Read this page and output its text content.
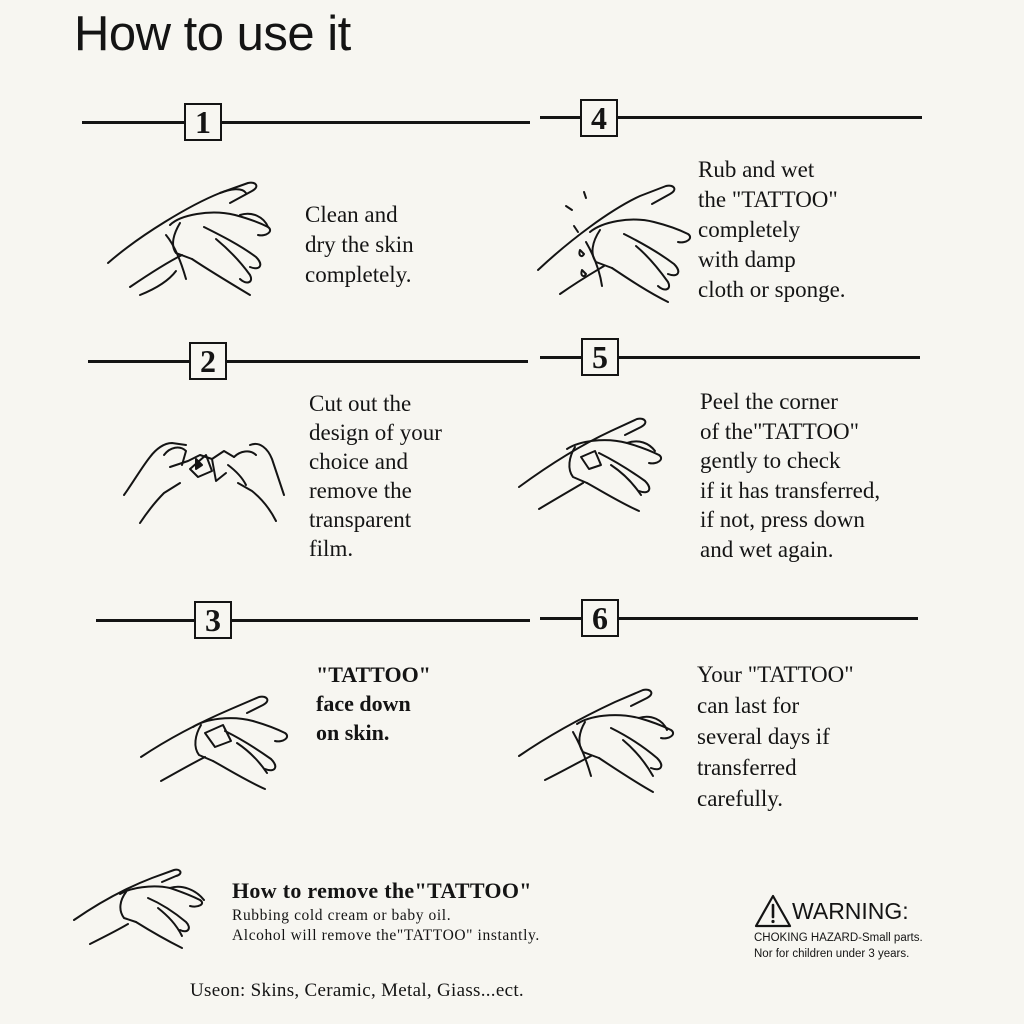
How to use it
1	4
2	5
3	6

Clean and
dry the skin
completely.

Cut out the
design of your
choice and
remove the
transparent
film.

"TATTOO"
face down
on skin.

Rub and wet
the "TATTOO"
completely
with damp
cloth or sponge.

Peel the corner
of the"TATTOO"
gently to check
if it has transferred,
if not, press down
and wet again.

Your "TATTOO"
can last for
several days if
transferred
carefully.

How to remove the"TATTOO"
Rubbing cold cream or baby oil.
Alcohol will remove the"TATTOO" instantly.
Useon: Skins, Ceramic, Metal, Giass...ect.
WARNING:
CHOKING HAZARD-Small parts.
Nor for children under 3 years.
